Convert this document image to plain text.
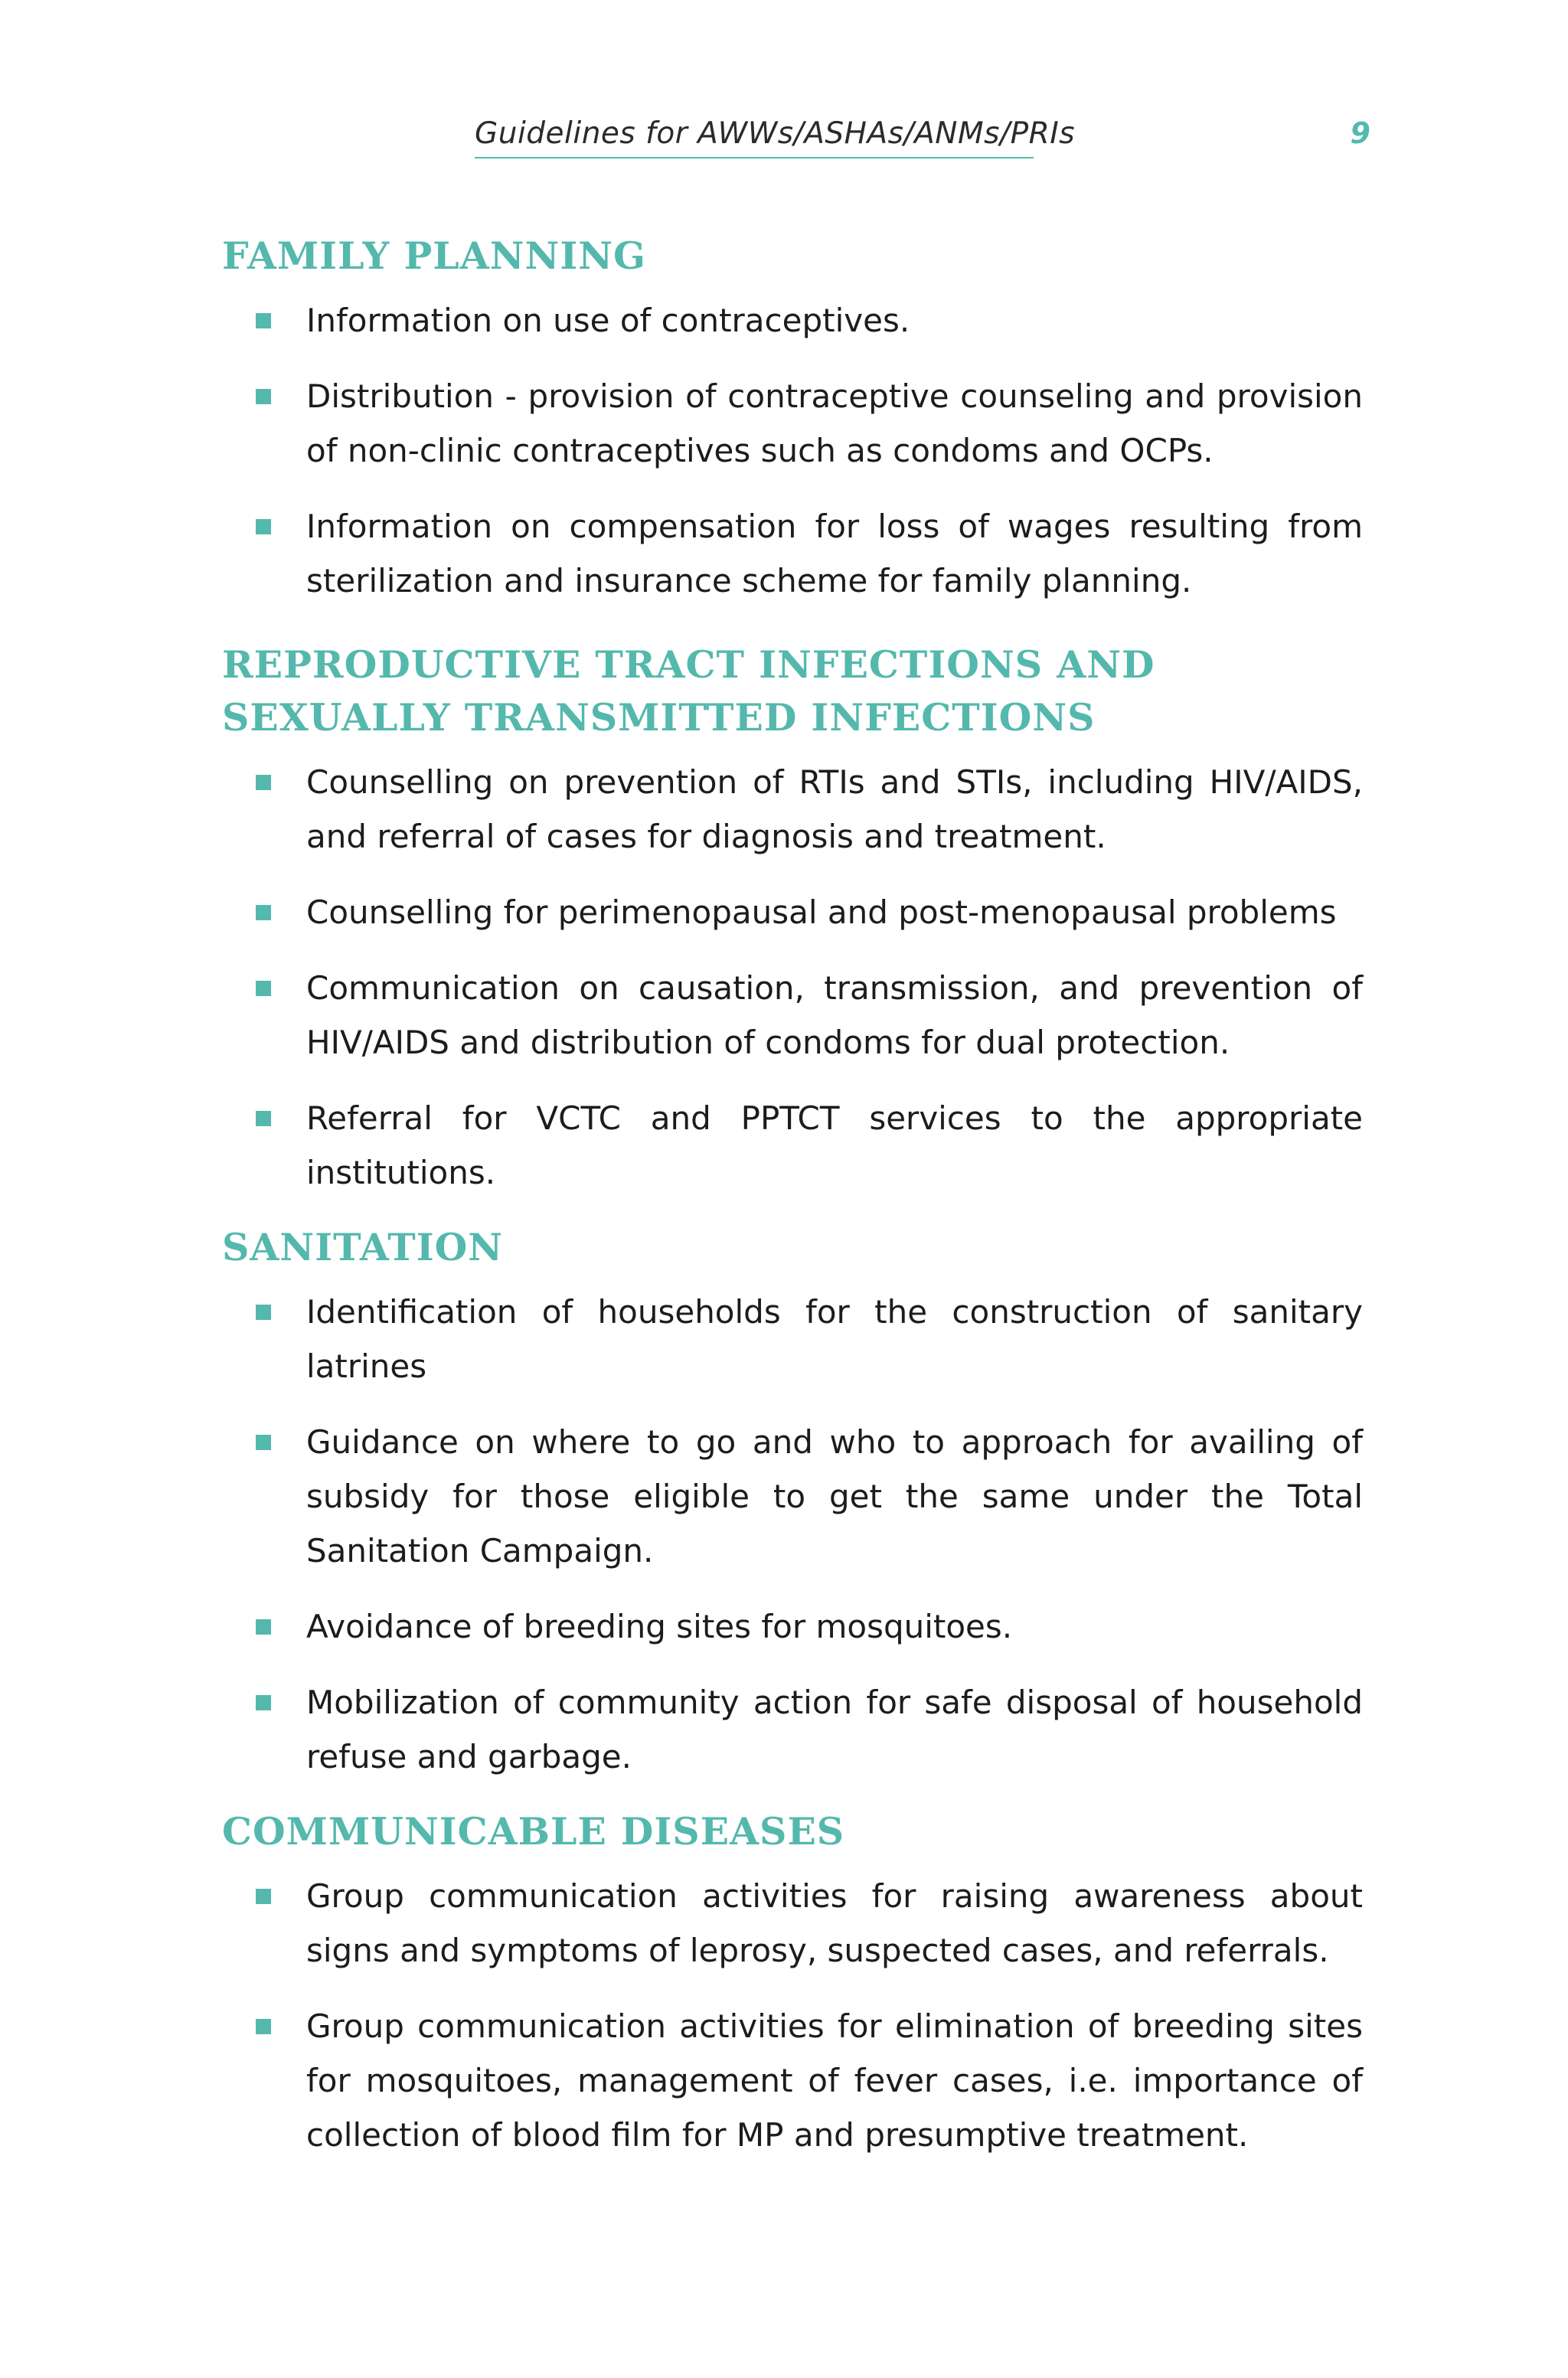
Guidelines for AWWs/ASHAs/ANMs/PRIs	9
FAMILY PLANNING
Information on use of contraceptives.
Distribution - provision of contraceptive counseling and provision of non-clinic contraceptives such as condoms and OCPs.
Information on compensation for loss of wages resulting from sterilization and insurance scheme for family planning.
REPRODUCTIVE TRACT INFECTIONS AND SEXUALLY TRANSMITTED INFECTIONS
Counselling on prevention of RTIs and STIs, including HIV/AIDS, and referral of cases for diagnosis and treatment.
Counselling for perimenopausal and post-menopausal problems
Communication on causation, transmission, and prevention of HIV/AIDS and distribution of condoms for dual protection.
Referral for VCTC and PPTCT services to the appropriate institutions.
SANITATION
Identification of households for the construction of sanitary latrines
Guidance on where to go and who to approach for availing of subsidy for those eligible to get the same under the Total Sanitation Campaign.
Avoidance of breeding sites for mosquitoes.
Mobilization of community action for safe disposal of household refuse and garbage.
COMMUNICABLE DISEASES
Group communication activities for raising awareness about signs and symptoms of leprosy, suspected cases, and referrals.
Group communication activities for elimination of breeding sites for mosquitoes, management of fever cases, i.e. importance of collection of blood film for MP and presumptive treatment.
